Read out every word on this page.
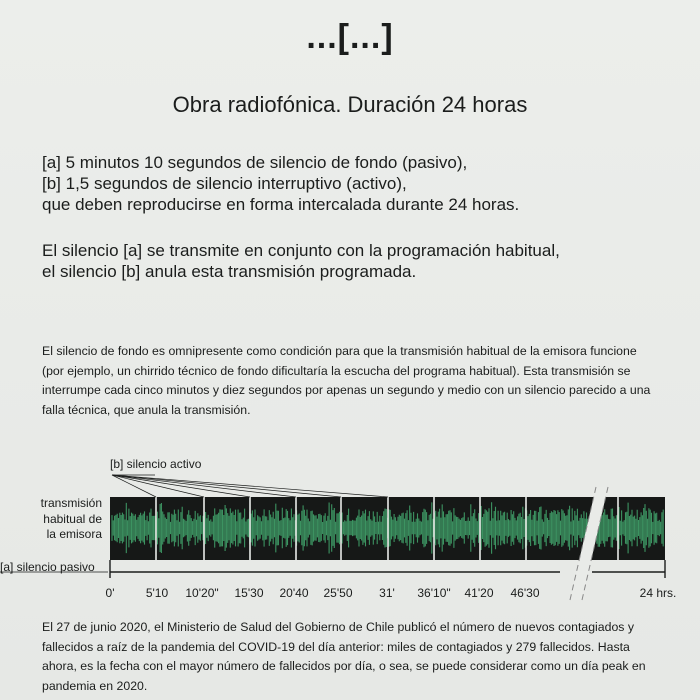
...[...]
Obra radiofónica. Duración 24 horas
[a] 5 minutos 10 segundos de silencio de fondo (pasivo),
[b] 1,5 segundos de silencio interruptivo (activo),
que deben reproducirse en forma intercalada durante 24 horas.
El silencio [a] se transmite en conjunto con la programación habitual,
el silencio [b] anula esta transmisión programada.
El silencio de fondo es omnipresente como condición para que la transmisión habitual de la emisora funcione
(por ejemplo, un chirrido técnico de fondo dificultaría la escucha del programa habitual). Esta transmisión se
interrumpe cada cinco minutos y diez segundos por apenas un segundo y medio con un silencio parecido a una
falla técnica, que anula la transmisión.
[b] silencio activo
transmisión
habitual de
la emisora
[a] silencio pasivo
0'	5'10 10'20" 15'30 20'40 25'50 31' 36'10" 41'20 46'30	24 hrs.
El 27 de junio 2020, el Ministerio de Salud del Gobierno de Chile publicó el número de nuevos contagiados y
fallecidos a raíz de la pandemia del COVID-19 del día anterior: miles de contagiados y 279 fallecidos. Hasta
ahora, es la fecha con el mayor número de fallecidos por día, o sea, se puede considerar como un día peak en
pandemia en 2020.
